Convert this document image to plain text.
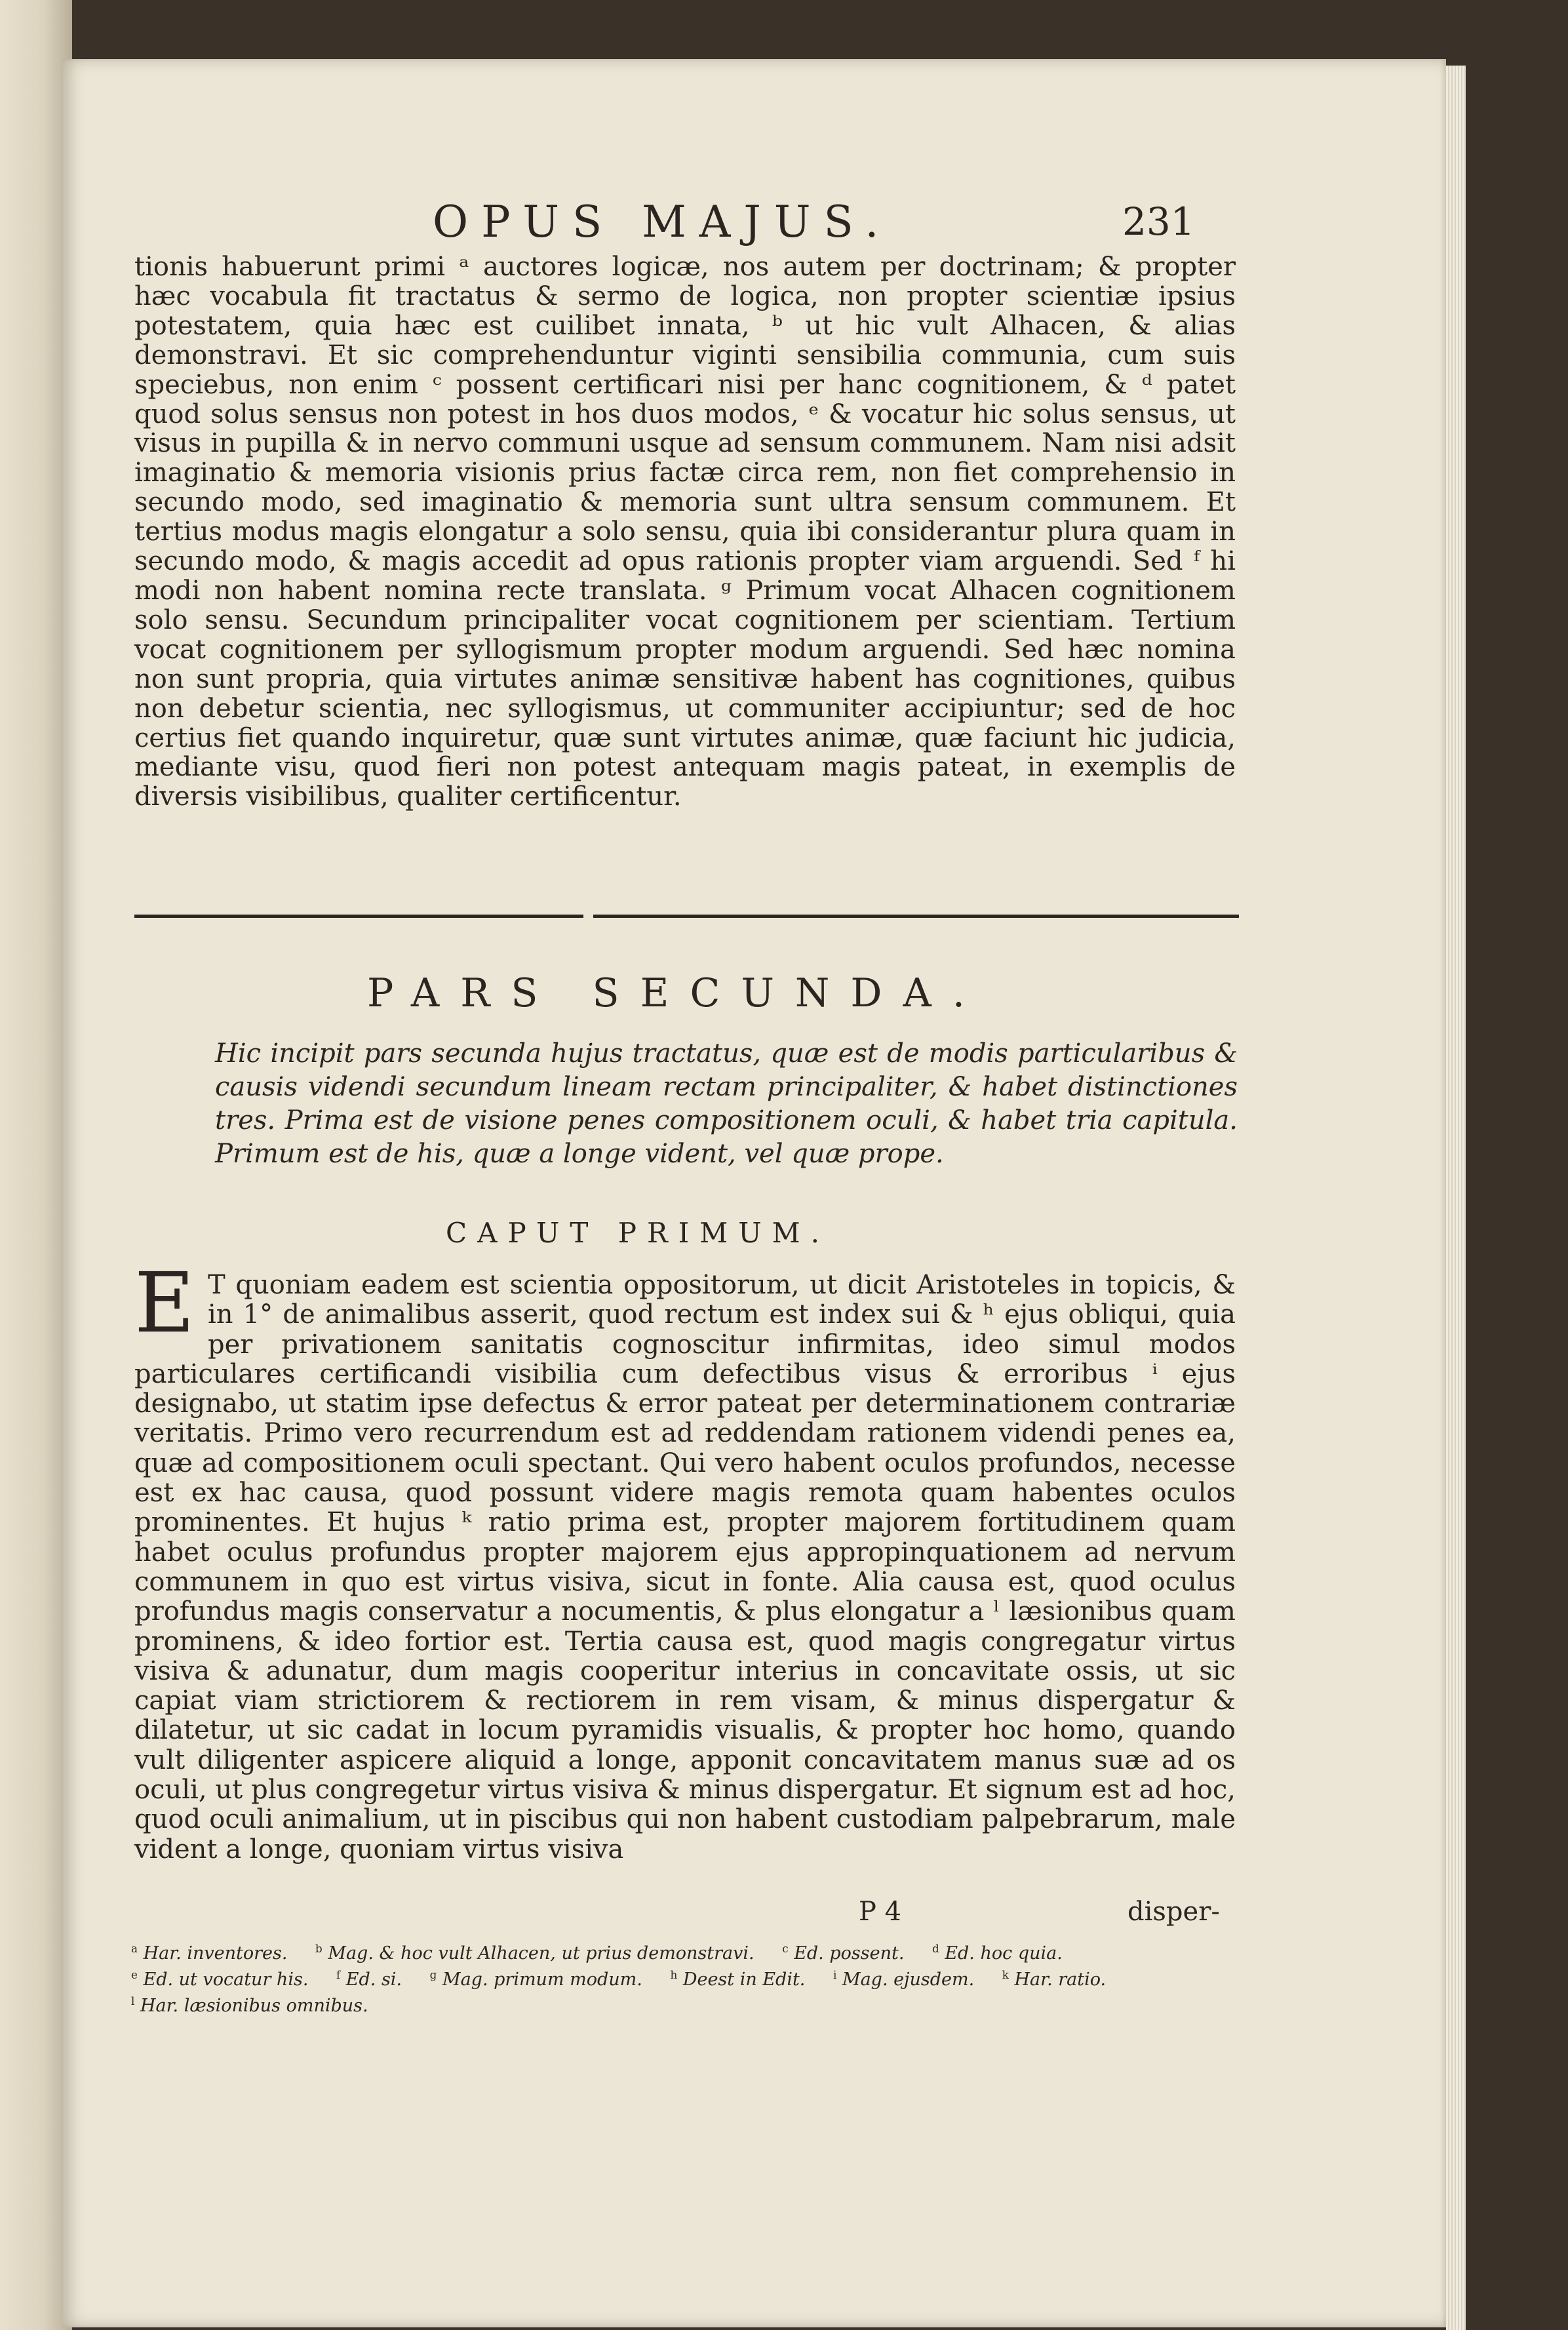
OPUS MAJUS.	231

tionis habuerunt primi ᵃ auctores logicæ, nos autem per doctrinam; & propter hæc vocabula fit tractatus & sermo de logica, non propter scientiæ ipsius potestatem, quia hæc est cuilibet innata, ᵇ ut hic vult Alhacen, & alias demonstravi. Et sic comprehenduntur viginti sensibilia communia, cum suis speciebus, non enim ᶜ possent certificari nisi per hanc cognitionem, & ᵈ patet quod solus sensus non potest in hos duos modos, ᵉ & vocatur hic solus sensus, ut visus in pupilla & in nervo communi usque ad sensum communem. Nam nisi adsit imaginatio & memoria visionis prius factæ circa rem, non fiet comprehensio in secundo modo, sed imaginatio & memoria sunt ultra sensum communem. Et tertius modus magis elongatur a solo sensu, quia ibi considerantur plura quam in secundo modo, & magis accedit ad opus rationis propter viam arguendi. Sed ᶠ hi modi non habent nomina recte translata. ᵍ Primum vocat Alhacen cognitionem solo sensu. Secundum principaliter vocat cognitionem per scientiam. Tertium vocat cognitionem per syllogismum propter modum arguendi. Sed hæc nomina non sunt propria, quia virtutes animæ sensitivæ habent has cognitiones, quibus non debetur scientia, nec syllogismus, ut communiter accipiuntur; sed de hoc certius fiet quando inquiretur, quæ sunt virtutes animæ, quæ faciunt hic judicia, mediante visu, quod fieri non potest antequam magis pateat, in exemplis de diversis visibilibus, qualiter certificentur.

PARS SECUNDA.
Hic incipit pars secunda hujus tractatus, quæ est de modis particularibus & causis videndi secundum lineam rectam principaliter, & habet distinctiones tres. Prima est de visione penes compositionem oculi, & habet tria capitula. Primum est de his, quæ a longe vident, vel quæ prope.
CAPUT PRIMUM.
E T quoniam eadem est scientia oppositorum, ut dicit Aristoteles in topicis, & in 1° de animalibus asserit, quod rectum est index sui & ʰ ejus obliqui, quia per privationem sanitatis cognoscitur infirmitas, ideo simul modos particulares certificandi visibilia cum defectibus visus & erroribus ⁱ ejus designabo, ut statim ipse defectus & error pateat per determinationem contrariæ veritatis. Primo vero recurrendum est ad reddendam rationem videndi penes ea, quæ ad compositionem oculi spectant. Qui vero habent oculos profundos, necesse est ex hac causa, quod possunt videre magis remota quam habentes oculos prominentes. Et hujus ᵏ ratio prima est, propter majorem fortitudinem quam habet oculus profundus propter majorem ejus appropinquationem ad nervum communem in quo est virtus visiva, sicut in fonte. Alia causa est, quod oculus profundus magis conservatur a nocumentis, & plus elongatur a ˡ læsionibus quam prominens, & ideo fortior est. Tertia causa est, quod magis congregatur virtus visiva & adunatur, dum magis cooperitur interius in concavitate ossis, ut sic capiat viam strictiorem & rectiorem in rem visam, & minus dispergatur & dilatetur, ut sic cadat in locum pyramidis visualis, & propter hoc homo, quando vult diligenter aspicere aliquid a longe, apponit concavitatem manus suæ ad os oculi, ut plus congregetur virtus visiva & minus dispergatur. Et signum est ad hoc, quod oculi animalium, ut in piscibus qui non habent custodiam palpebrarum, male vident a longe, quoniam virtus visiva

P 4	disper-
$^a$ Har. inventores.	$^b$ Mag. & hoc vult Alhacen, ut prius demonstravi.	$^c$ Ed. possent.	$^d$ Ed. hoc quia. $^e$ Ed. ut vocatur his.	$^f$ Ed. si.	$^g$ Mag. primum modum.	$^h$ Deest in Edit.	$^i$ Mag. ejusdem.	$^k$ Har. ratio. $^l$ Har. læsionibus omnibus.
